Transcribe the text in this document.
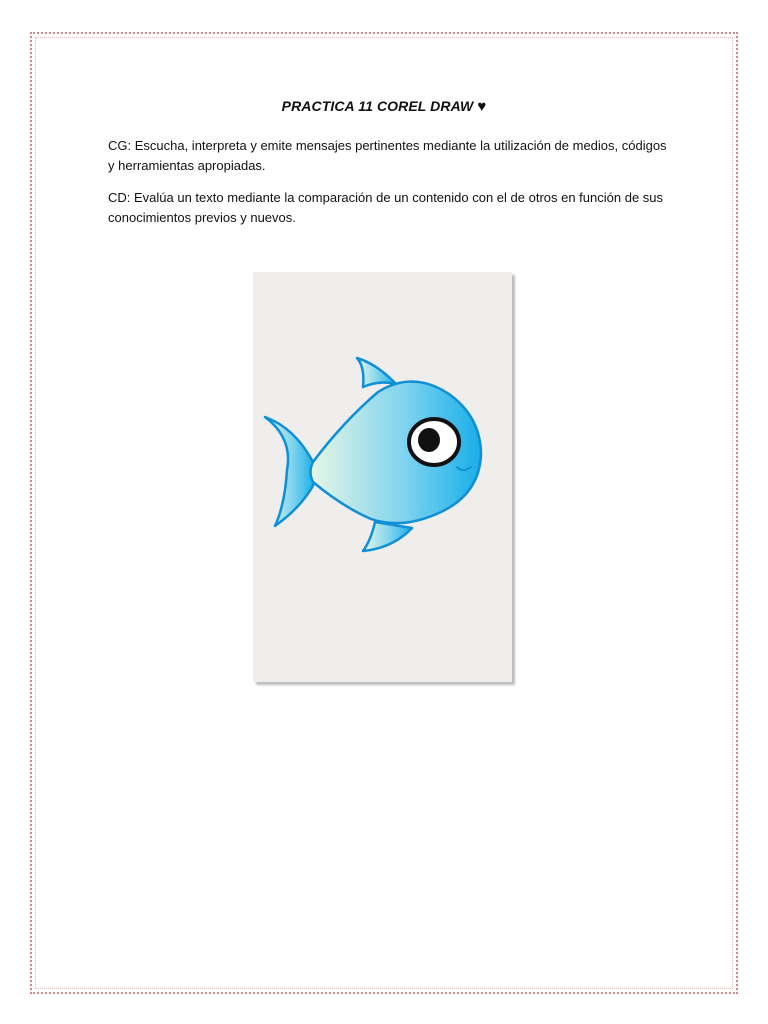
PRACTICA 11 COREL DRAW ♥

CG: Escucha, interpreta y emite mensajes pertinentes mediante la utilización de medios, códigos y herramientas apropiadas.

CD: Evalúa un texto mediante la comparación de un contenido con el de otros en función de sus conocimientos previos y nuevos.
